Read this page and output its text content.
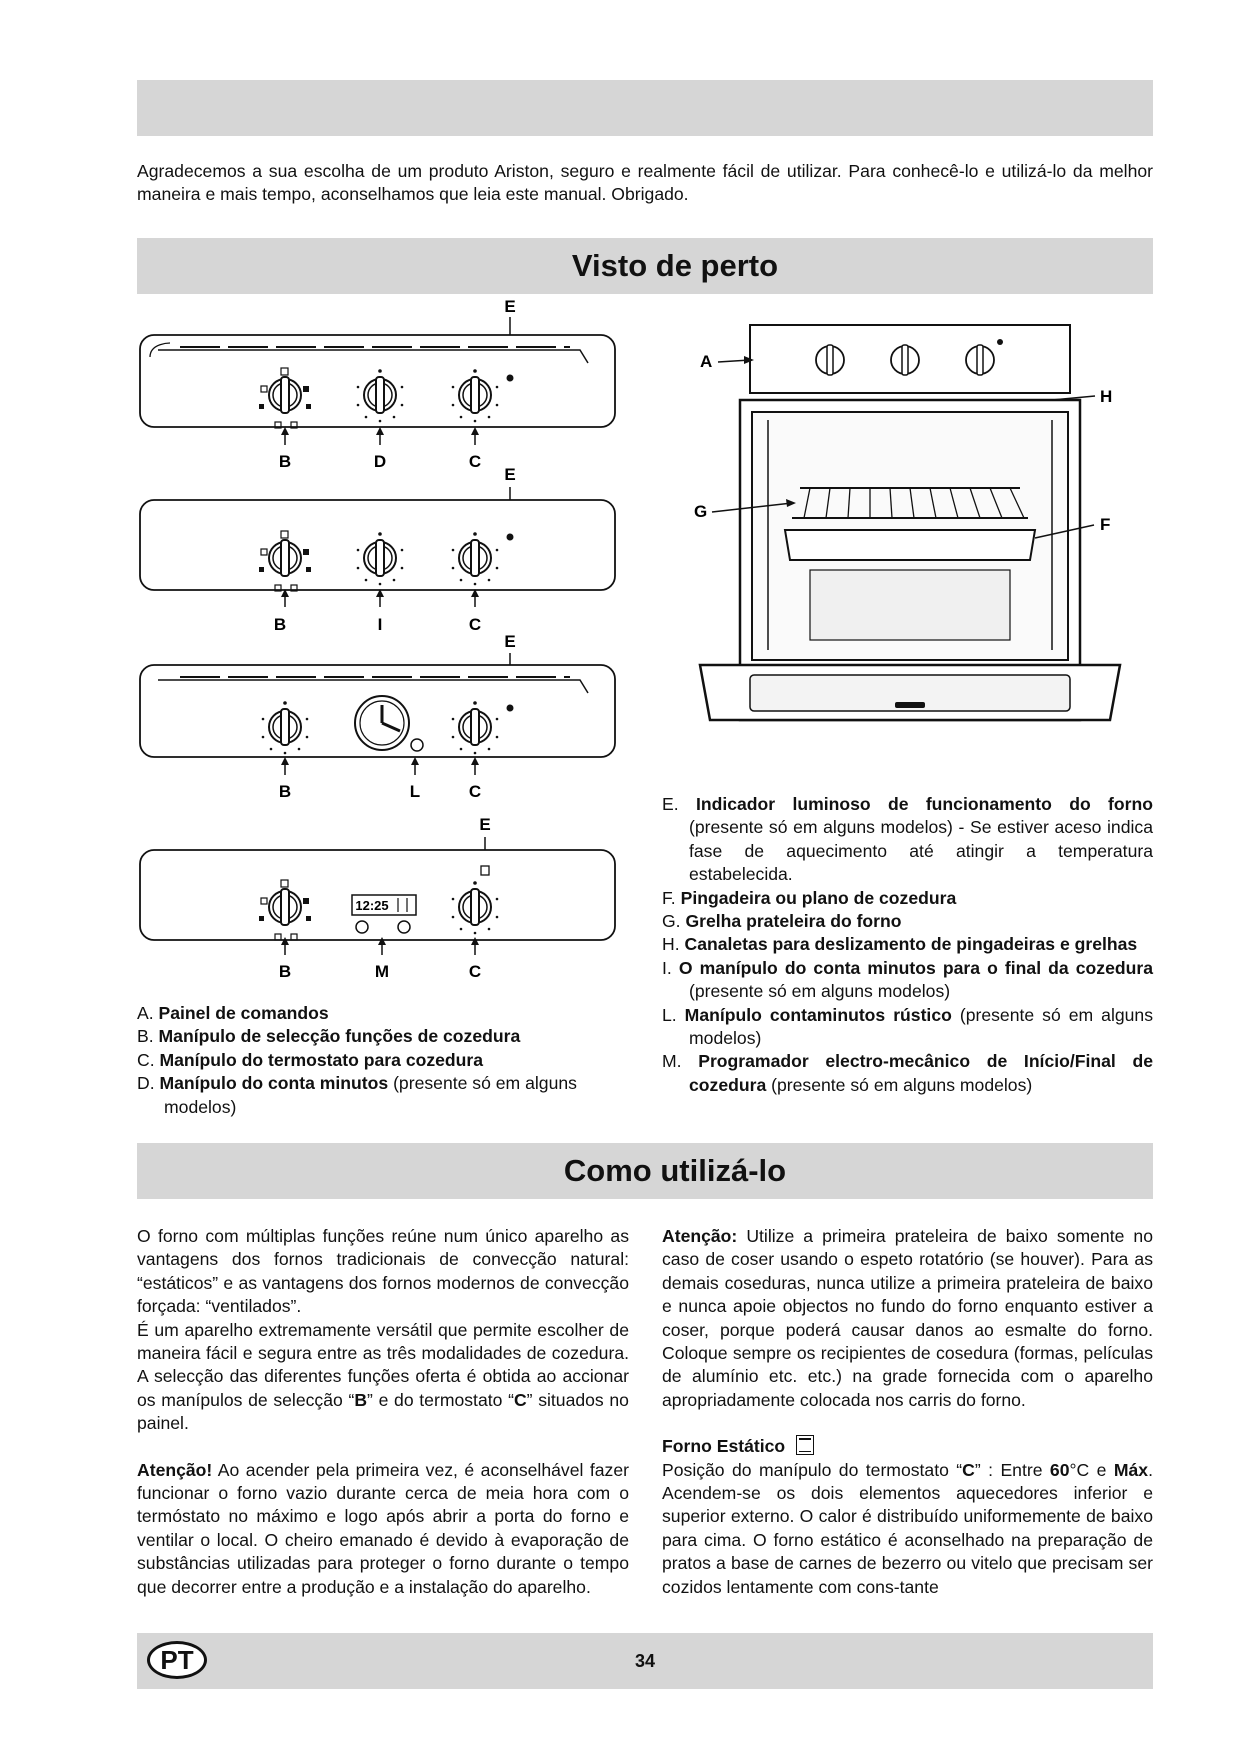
Agradecemos a sua escolha de um produto Ariston, seguro e realmente fácil de utilizar. Para conhecê-lo e utilizá-lo da melhor maneira e mais tempo, aconselhamos que leia este manual. Obrigado.

Visto de perto
E
B	D	C
E
B	I	C
E
B	L	C
E
12:25
B	M	C
A
H
G
F
A. Painel de comandos
B. Manípulo de selecção funções de cozedura
C. Manípulo do termostato para cozedura
D. Manípulo do conta minutos (presente só em alguns modelos)
E. Indicador luminoso de funcionamento do forno (presente só em alguns modelos) - Se estiver aceso indica fase de aquecimento até atingir a temperatura estabelecida.
F. Pingadeira ou plano de cozedura
G. Grelha prateleira do forno
H. Canaletas para deslizamento de pingadeiras e grelhas
I. O manípulo do conta minutos para o final da cozedura (presente só em alguns modelos)
L. Manípulo contaminutos rústico (presente só em alguns modelos)
M. Programador electro-mecânico de Início/Final de cozedura (presente só em alguns modelos)
Como utilizá-lo

O forno com múltiplas funções reúne num único aparelho as vantagens dos fornos tradicionais de convecção natural: “estáticos” e as vantagens dos fornos modernos de convecção forçada: “ventilados”.

É um aparelho extremamente versátil que permite escolher de maneira fácil e segura entre as três modalidades de cozedura. A selecção das diferentes funções oferta é obtida ao accionar os manípulos de selecção “B” e do termostato “C” situados no painel.

Atenção! Ao acender pela primeira vez, é aconselhável fazer funcionar o forno vazio durante cerca de meia hora com o termóstato no máximo e logo após abrir a porta do forno e ventilar o local. O cheiro emanado é devido à evaporação de substâncias utilizadas para proteger o forno durante o tempo que decorrer entre a produção e a instalação do aparelho.

Atenção: Utilize a primeira prateleira de baixo somente no caso de coser usando o espeto rotatório (se houver). Para as demais coseduras, nunca utilize a primeira prateleira de baixo e nunca apoie objectos no fundo do forno enquanto estiver a coser, porque poderá causar danos ao esmalte do forno. Coloque sempre os recipientes de cosedura (formas, películas de alumínio etc. etc.) na grade fornecida com o aparelho apropriadamente colocada nos carris do forno.

Forno Estático

Posição do manípulo do termostato “C” : Entre 60°C e Máx. Acendem-se os dois elementos aquecedores inferior e superior externo. O calor é distribuído uniformemente de baixo para cima. O forno estático é aconselhado na preparação de pratos a base de carnes de bezerro ou vitelo que precisam ser cozidos lentamente com cons-tante

PT	34
